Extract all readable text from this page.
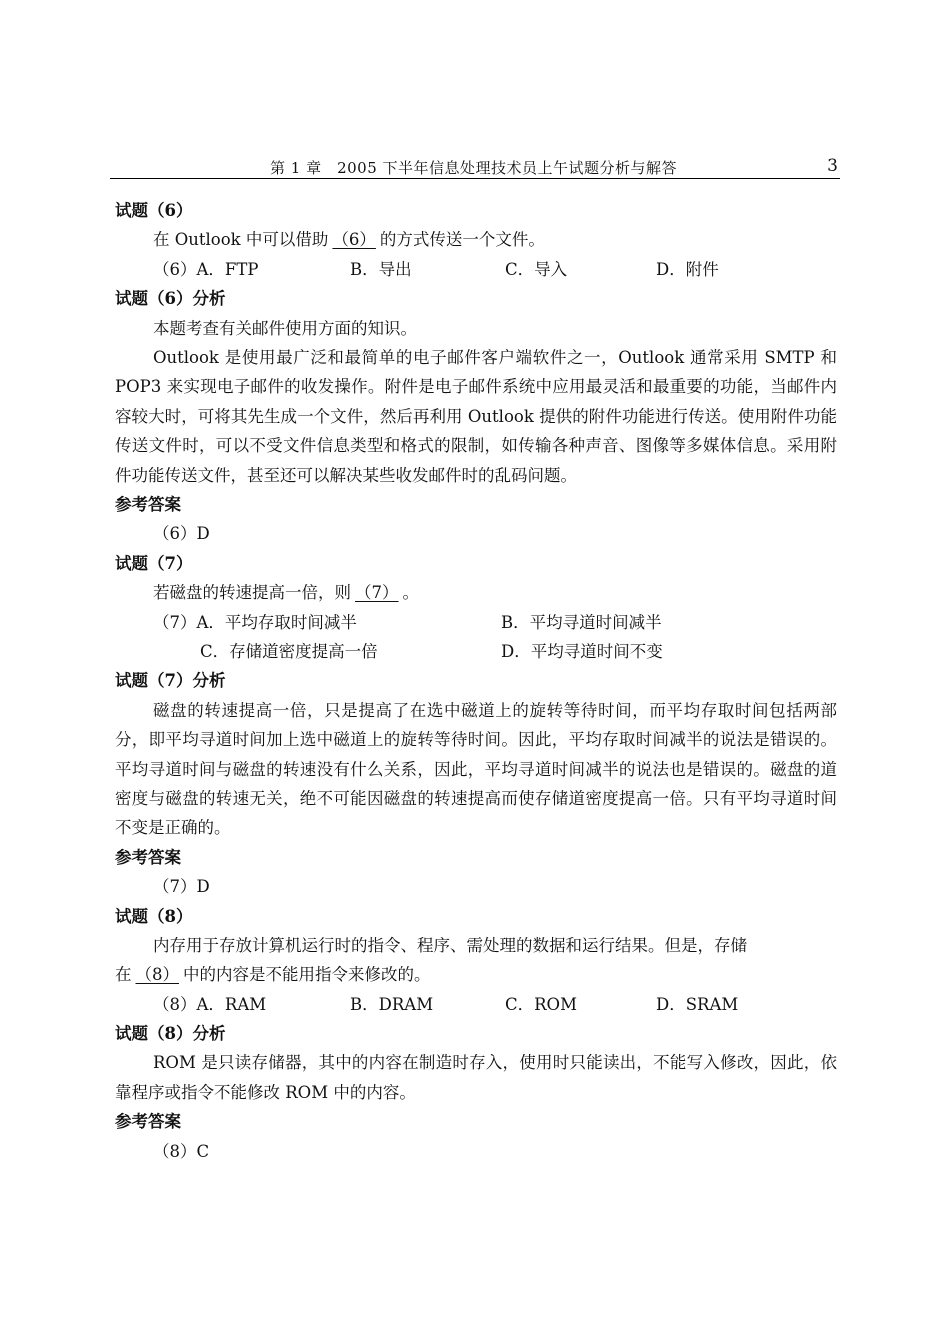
第 1 章　2005 下半年信息处理技术员上午试题分析与解答	3
试题（6）
在 Outlook 中可以借助 （6） 的方式传送一个文件。
（6）A．FTP	B．导出	C．导入	D．附件
试题（6）分析
本题考查有关邮件使用方面的知识。
Outlook 是使用最广泛和最简单的电子邮件客户端软件之一，Outlook 通常采用 SMTP 和 POP3 来实现电子邮件的收发操作。附件是电子邮件系统中应用最灵活和最重要的功能，当邮件内容较大时，可将其先生成一个文件，然后再利用 Outlook 提供的附件功能进行传送。使用附件功能传送文件时，可以不受文件信息类型和格式的限制，如传输各种声音、图像等多媒体信息。采用附件功能传送文件，甚至还可以解决某些收发邮件时的乱码问题。
参考答案
（6）D
试题（7）
若磁盘的转速提高一倍，则 （7） 。
（7）A．平均存取时间减半	B．平均寻道时间减半
C．存储道密度提高一倍	D．平均寻道时间不变
试题（7）分析
磁盘的转速提高一倍，只是提高了在选中磁道上的旋转等待时间，而平均存取时间包括两部分，即平均寻道时间加上选中磁道上的旋转等待时间。因此，平均存取时间减半的说法是错误的。平均寻道时间与磁盘的转速没有什么关系，因此，平均寻道时间减半的说法也是错误的。磁盘的道密度与磁盘的转速无关，绝不可能因磁盘的转速提高而使存储道密度提高一倍。只有平均寻道时间不变是正确的。
参考答案
（7）D
试题（8）
内存用于存放计算机运行时的指令、程序、需处理的数据和运行结果。但是，存储
在 （8） 中的内容是不能用指令来修改的。
（8）A．RAM	B．DRAM	C．ROM	D．SRAM
试题（8）分析
ROM 是只读存储器，其中的内容在制造时存入，使用时只能读出，不能写入修改，因此，依靠程序或指令不能修改 ROM 中的内容。
参考答案
（8）C
